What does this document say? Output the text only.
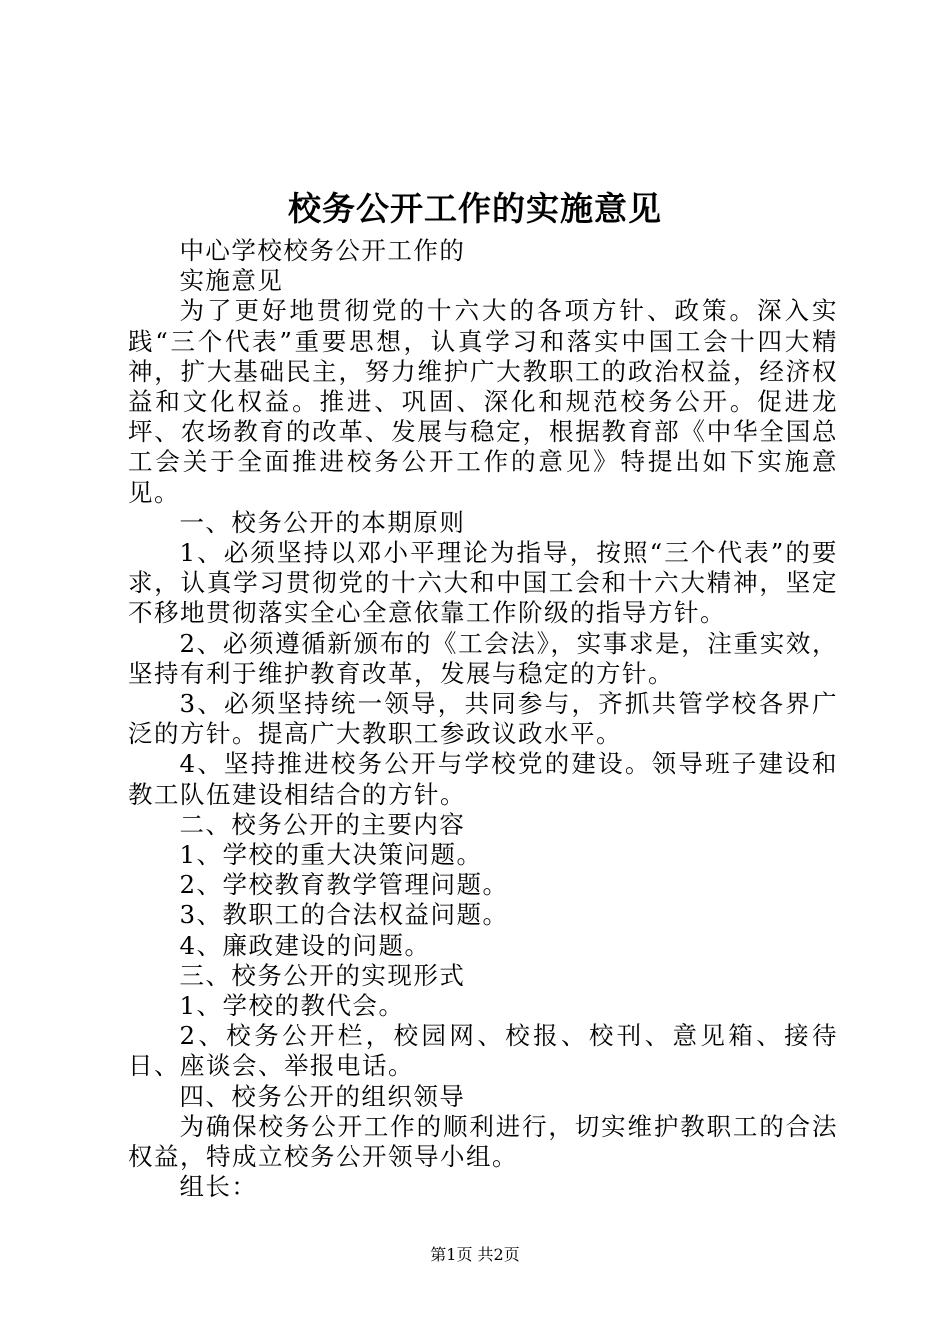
校务公开工作的实施意见

中心学校校务公开工作的

实施意见

为了更好地贯彻党的十六大的各项方针、政策。深入实践“三个代表”重要思想，认真学习和落实中国工会十四大精神，扩大基础民主，努力维护广大教职工的政治权益，经济权益和文化权益。推进、巩固、深化和规范校务公开。促进龙坪、农场教育的改革、发展与稳定，根据教育部《中华全国总工会关于全面推进校务公开工作的意见》特提出如下实施意见。

一、校务公开的本期原则

1、必须坚持以邓小平理论为指导，按照“三个代表”的要求，认真学习贯彻党的十六大和中国工会和十六大精神，坚定不移地贯彻落实全心全意依靠工作阶级的指导方针。

2、必须遵循新颁布的《工会法》，实事求是，注重实效，坚持有利于维护教育改革，发展与稳定的方针。

3、必须坚持统一领导，共同参与，齐抓共管学校各界广泛的方针。提高广大教职工参政议政水平。

4、坚持推进校务公开与学校党的建设。领导班子建设和教工队伍建设相结合的方针。

二、校务公开的主要内容

1、学校的重大决策问题。

2、学校教育教学管理问题。

3、教职工的合法权益问题。

4、廉政建设的问题。

三、校务公开的实现形式

1、学校的教代会。

2、校务公开栏，校园网、校报、校刊、意见箱、接待日、座谈会、举报电话。

四、校务公开的组织领导

为确保校务公开工作的顺利进行，切实维护教职工的合法权益，特成立校务公开领导小组。

组长：

第1页 共2页
